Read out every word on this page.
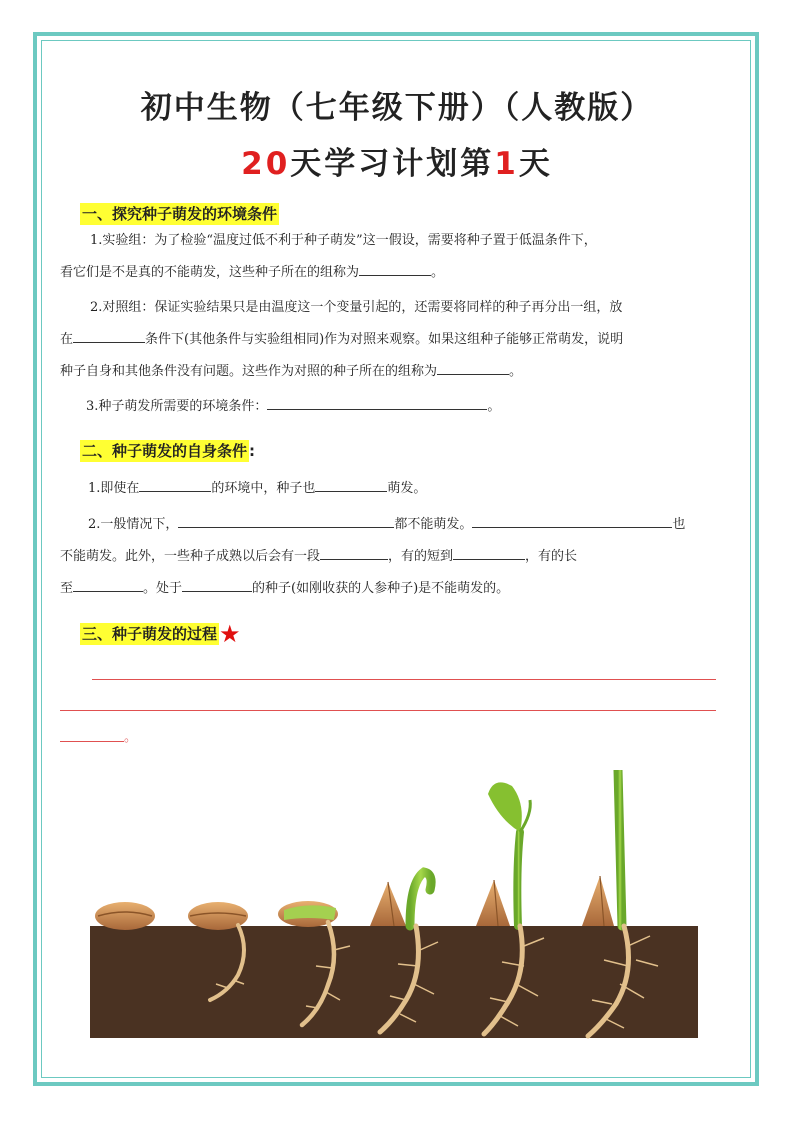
初中生物（七年级下册）（人教版）
20天学习计划第1天
一、探究种子萌发的环境条件
1.实验组：为了检验“温度过低不利于种子萌发”这一假设，需要将种子置于低温条件下，
看它们是不是真的不能萌发，这些种子所在的组称为	。
2.对照组：保证实验结果只是由温度这一个变量引起的，还需要将同样的种子再分出一组，放
在	条件下(其他条件与实验组相同)作为对照来观察。如果这组种子能够正常萌发，说明
种子自身和其他条件没有问题。这些作为对照的种子所在的组称为	。
3.种子萌发所需要的环境条件：	。
二、种子萌发的自身条件 :
1.即使在	的环境中，种子也	萌发。
2.一般情况下，	都不能萌发。	也
不能萌发。此外，一些种子成熟以后会有一段	，有的短到	，有的长
至	。处于	的种子(如刚收获的人参种子)是不能萌发的。
三、种子萌发的过程★
。
